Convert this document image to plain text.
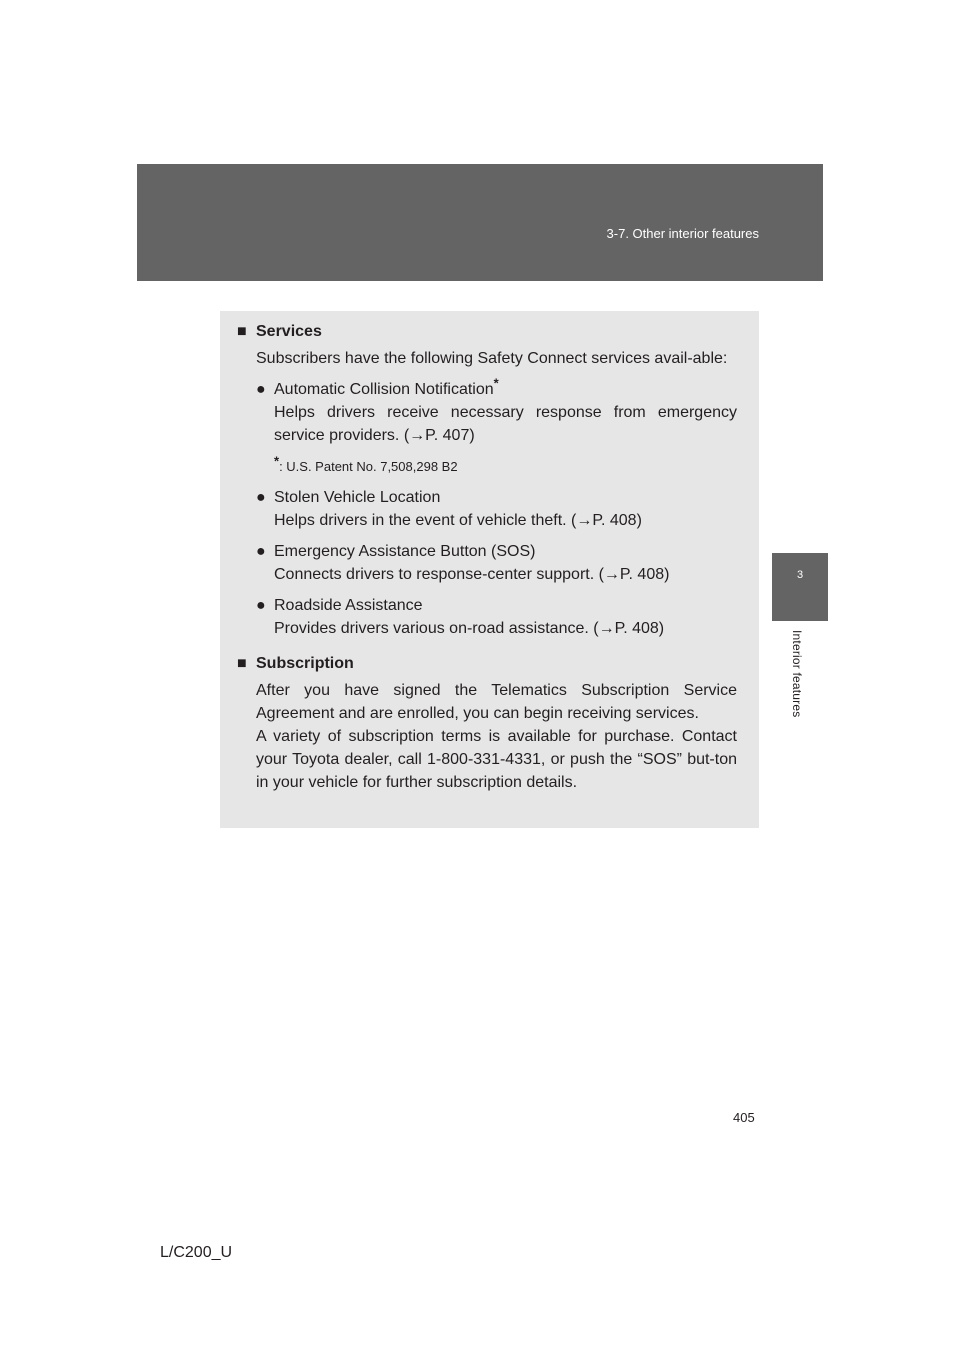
3-7. Other interior features
3
Interior features
■ Services
Subscribers have the following Safety Connect services avail-able:
● Automatic Collision Notification*
Helps drivers receive necessary response from emergency service providers. (→P. 407)
*: U.S. Patent No. 7,508,298 B2
● Stolen Vehicle Location
Helps drivers in the event of vehicle theft. (→P. 408)
● Emergency Assistance Button (SOS)
Connects drivers to response-center support. (→P. 408)
● Roadside Assistance
Provides drivers various on-road assistance. (→P. 408)
■ Subscription
After you have signed the Telematics Subscription Service Agreement and are enrolled, you can begin receiving services.
A variety of subscription terms is available for purchase. Contact your Toyota dealer, call 1-800-331-4331, or push the “SOS” but-ton in your vehicle for further subscription details.
405
L/C200_U
